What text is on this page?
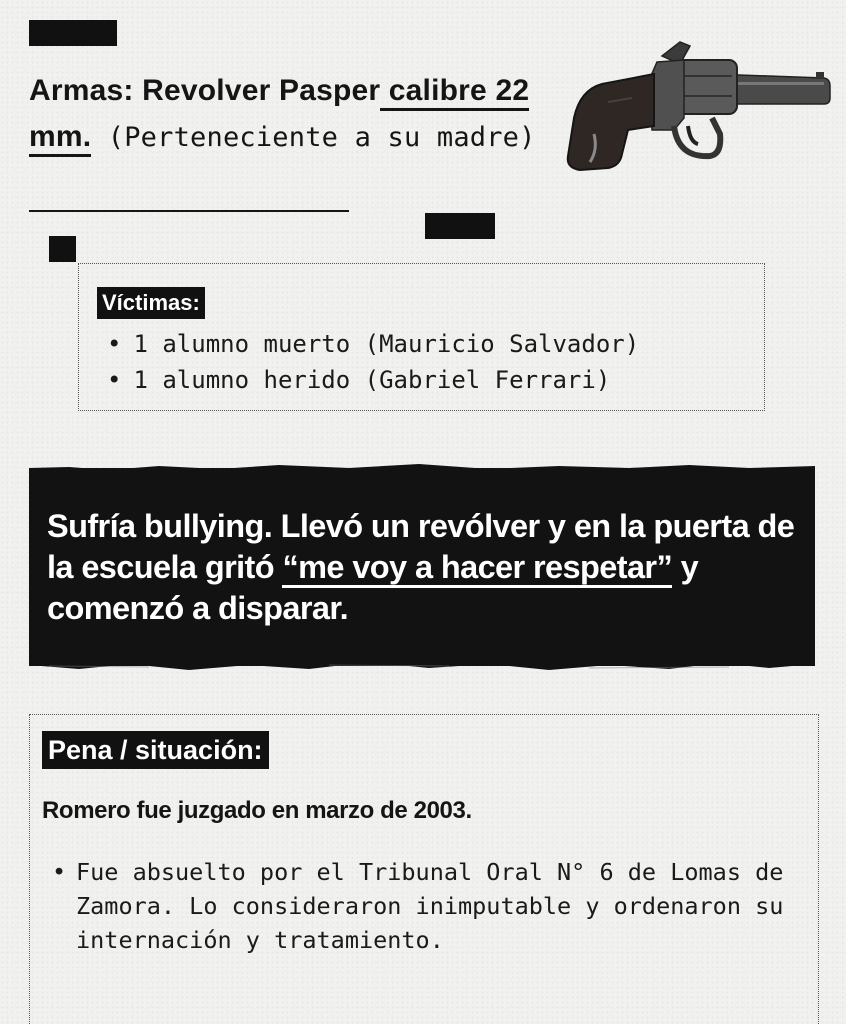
Armas: Revolver Pasper calibre 22 mm. (Perteneciente a su madre)
Víctimas:
• 1 alumno muerto (Mauricio Salvador)
• 1 alumno herido (Gabriel Ferrari)

Sufría bullying. Llevó un revólver y en la puerta de la escuela gritó “me voy a hacer respetar” y comenzó a disparar.

Pena / situación:
Romero fue juzgado en marzo de 2003.
• Fue absuelto por el Tribunal Oral N° 6 de Lomas de Zamora. Lo consideraron inimputable y ordenaron su internación y tratamiento.
